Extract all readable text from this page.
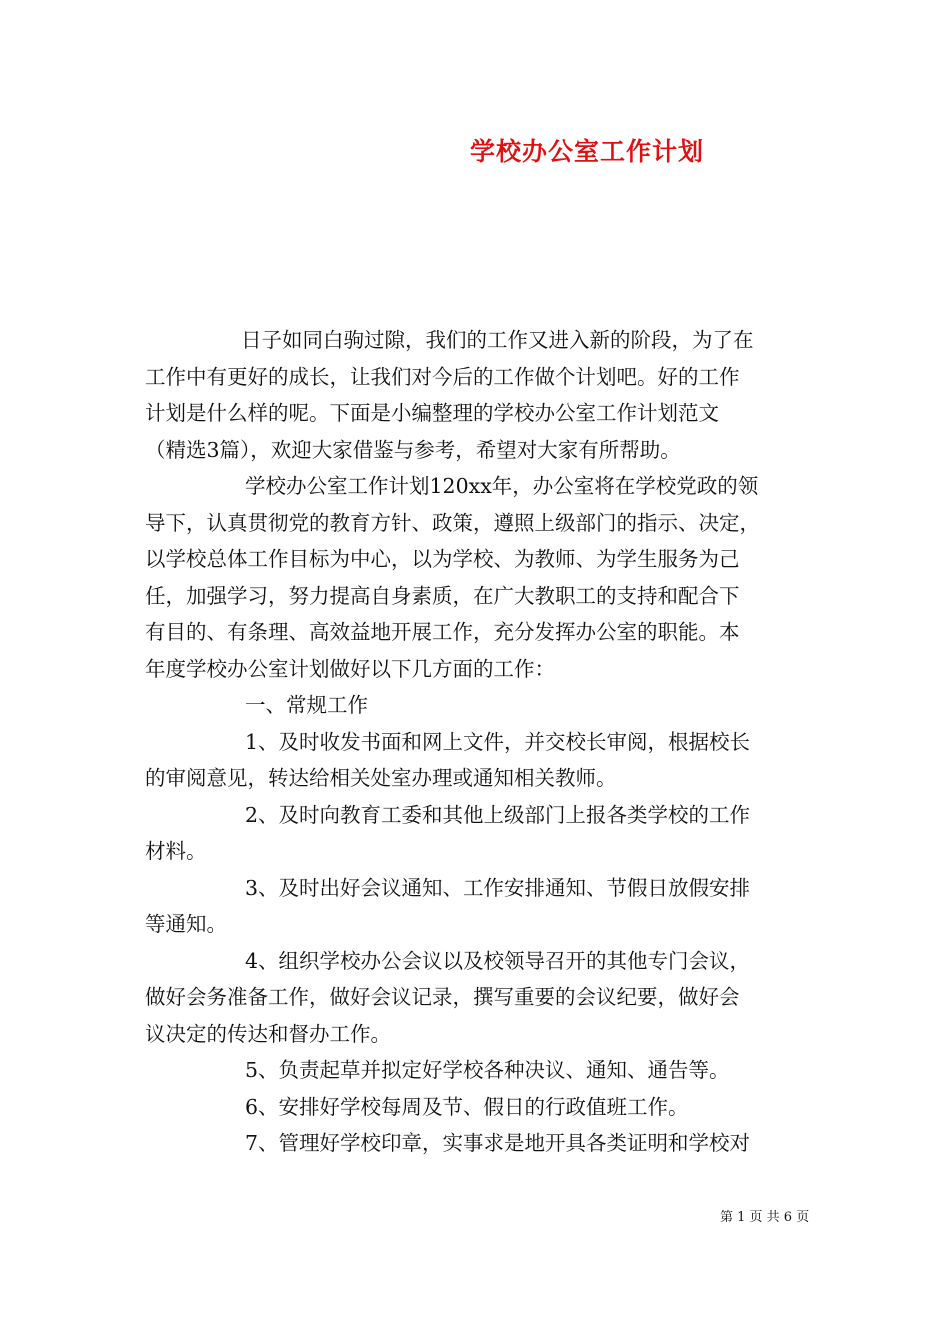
学校办公室工作计划
日子如同白驹过隙，我们的工作又进入新的阶段，为了在
工作中有更好的成长，让我们对今后的工作做个计划吧。好的工作
计划是什么样的呢。下面是小编整理的学校办公室工作计划范文
（精选3篇），欢迎大家借鉴与参考，希望对大家有所帮助。
学校办公室工作计划120xx年，办公室将在学校党政的领
导下，认真贯彻党的教育方针、政策，遵照上级部门的指示、决定，
以学校总体工作目标为中心，以为学校、为教师、为学生服务为己
任，加强学习，努力提高自身素质，在广大教职工的支持和配合下
有目的、有条理、高效益地开展工作，充分发挥办公室的职能。本
年度学校办公室计划做好以下几方面的工作：
一、常规工作
1、及时收发书面和网上文件，并交校长审阅，根据校长
的审阅意见，转达给相关处室办理或通知相关教师。
2、及时向教育工委和其他上级部门上报各类学校的工作
材料。
3、及时出好会议通知、工作安排通知、节假日放假安排
等通知。
4、组织学校办公会议以及校领导召开的其他专门会议，
做好会务准备工作，做好会议记录，撰写重要的会议纪要，做好会
议决定的传达和督办工作。
5、负责起草并拟定好学校各种决议、通知、通告等。
6、安排好学校每周及节、假日的行政值班工作。
7、管理好学校印章，实事求是地开具各类证明和学校对
第 1 页 共 6 页
